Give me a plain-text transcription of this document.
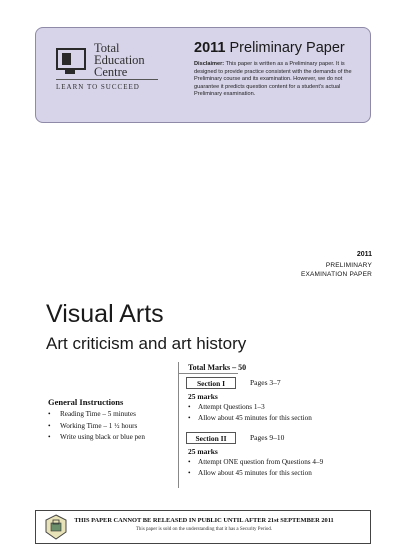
Total
Education
Centre
LEARN TO SUCCEED
2011 Preliminary Paper
Disclaimer: This paper is written as a Preliminary paper. It is designed to provide practice consistent with the demands of the Preliminary course and its examination. However, we do not guarantee it predicts question content for a student's actual Preliminary examination.
2011
PRELIMINARY
EXAMINATION PAPER
Visual Arts
Art criticism and art history
General Instructions
• Reading Time – 5 minutes
• Working Time – 1 ½ hours
• Write using black or blue pen
Total Marks – 50
Section I	Pages 3–7
25 marks
• Attempt Questions 1–3
• Allow about 45 minutes for this section
Section II	Pages 9–10
25 marks
• Attempt ONE question from Questions 4–9
• Allow about 45 minutes for this section
THIS PAPER CANNOT BE RELEASED IN PUBLIC UNTIL AFTER 21st SEPTEMBER 2011
This paper is sold on the understanding that it has a Security Period.
